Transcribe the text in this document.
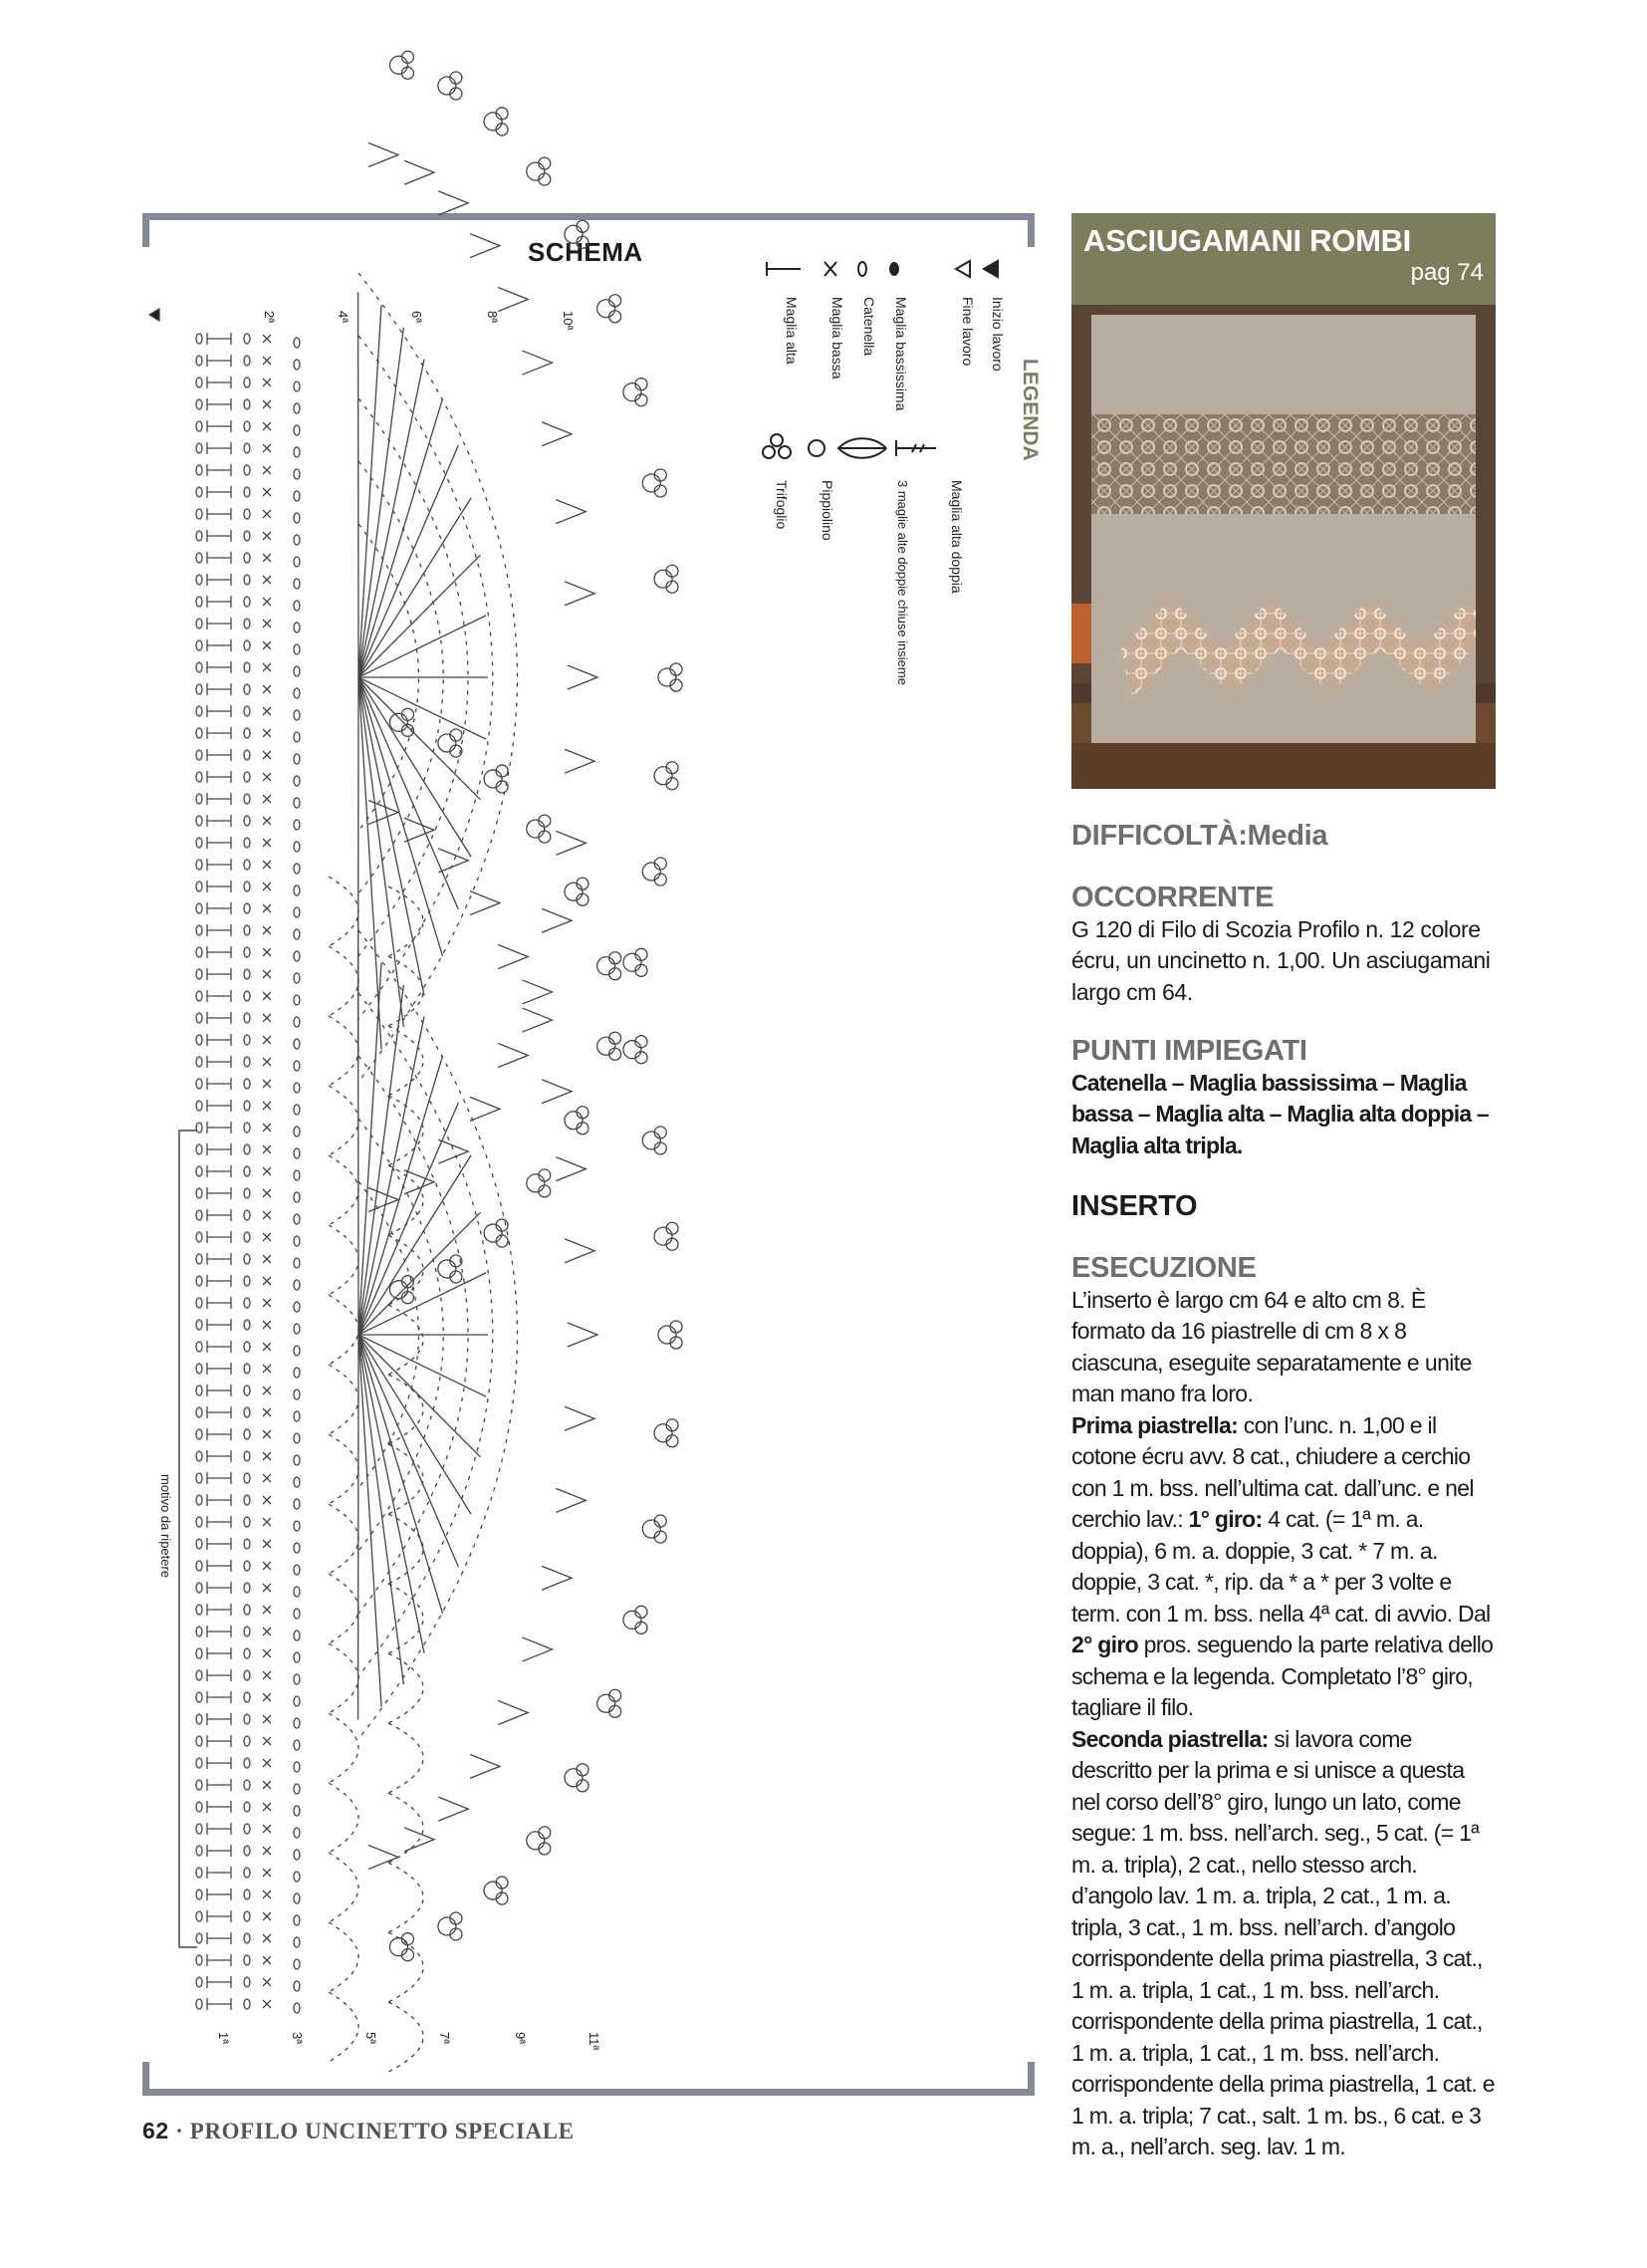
SCHEMA
LEGENDA
Inizio lavoro
Fine lavoro
Maglia bassissima
Catenella
Maglia bassa
Maglia alta
Maglia alta doppia
3 maglie alte doppie chiuse insieme
Pippiolino
Trifoglio
2ª	4ª	6ª	8ª	10ª
1ª	3ª	5ª	7ª	9ª	11ª
motivo da ripetere
ASCIUGAMANI ROMBI
pag 74
DIFFICOLTÀ:Media
OCCORRENTE
G 120 di Filo di Scozia Profilo n. 12 colore écru, un uncinetto n. 1,00. Un asciugamani largo cm 64.
PUNTI IMPIEGATI
Catenella – Maglia bassissima – Maglia bassa – Maglia alta – Maglia alta doppia – Maglia alta tripla.
INSERTO
ESECUZIONE
L’inserto è largo cm 64 e alto cm 8. È formato da 16 piastrelle di cm 8 x 8 ciascuna, eseguite separatamente e unite man mano fra loro.
Prima piastrella: con l’unc. n. 1,00 e il cotone écru avv. 8 cat., chiudere a cerchio con 1 m. bss. nell’ultima cat. dall’unc. e nel cerchio lav.: 1° giro: 4 cat. (= 1ª m. a. doppia), 6 m. a. doppie, 3 cat. * 7 m. a. doppie, 3 cat. *, rip. da * a * per 3 volte e term. con 1 m. bss. nella 4ª cat. di avvio. Dal 2° giro pros. seguendo la parte relativa dello schema e la legenda. Completato l’8° giro, tagliare il filo.
Seconda piastrella: si lavora come descritto per la prima e si unisce a questa nel corso dell’8° giro, lungo un lato, come segue: 1 m. bss. nell’arch. seg., 5 cat. (= 1ª m. a. tripla), 2 cat., nello stesso arch. d’angolo lav. 1 m. a. tripla, 2 cat., 1 m. a. tripla, 3 cat., 1 m. bss. nell’arch. d’angolo corrispondente della prima piastrella, 3 cat., 1 m. a. tripla, 1 cat., 1 m. bss. nell’arch. corrispondente della prima piastrella, 1 cat., 1 m. a. tripla, 1 cat., 1 m. bss. nell’arch. corrispondente della prima piastrella, 1 cat. e 1 m. a. tripla; 7 cat., salt. 1 m. bs., 6 cat. e 3 m. a., nell’arch. seg. lav. 1 m.
62 · PROFILO UNCINETTO SPECIALE
